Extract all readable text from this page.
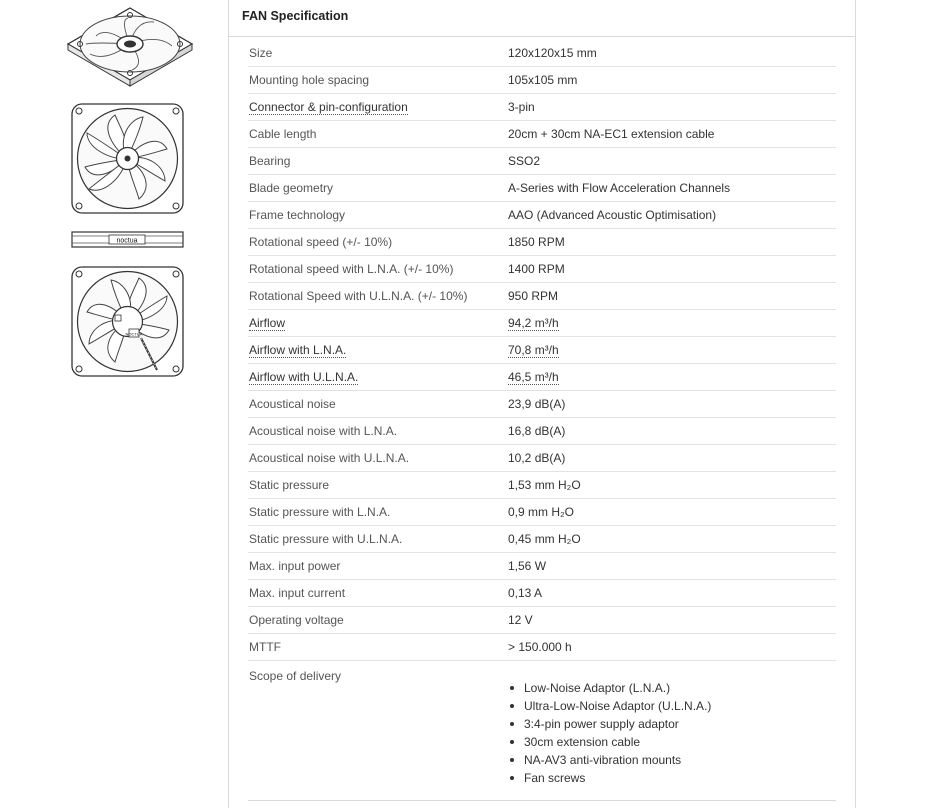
noctua
NOCTUA
FAN Specification
Size	120x120x15 mm
Mounting hole spacing	105x105 mm
Connector & pin-configuration	3-pin
Cable length	20cm + 30cm NA-EC1 extension cable
Bearing	SSO2
Blade geometry	A-Series with Flow Acceleration Channels
Frame technology	AAO (Advanced Acoustic Optimisation)
Rotational speed (+/- 10%)	1850 RPM
Rotational speed with L.N.A. (+/- 10%)	1400 RPM
Rotational Speed with U.L.N.A. (+/- 10%)	950 RPM
Airflow	94,2 m³/h
Airflow with L.N.A.	70,8 m³/h
Airflow with U.L.N.A.	46,5 m³/h
Acoustical noise	23,9 dB(A)
Acoustical noise with L.N.A.	16,8 dB(A)
Acoustical noise with U.L.N.A.	10,2 dB(A)
Static pressure	1,53 mm H₂O
Static pressure with L.N.A.	0,9 mm H₂O
Static pressure with U.L.N.A.	0,45 mm H₂O
Max. input power	1,56 W
Max. input current	0,13 A
Operating voltage	12 V
MTTF	> 150.000 h
Scope of delivery
Low-Noise Adaptor (L.N.A.)
Ultra-Low-Noise Adaptor (U.L.N.A.)
3:4-pin power supply adaptor
30cm extension cable
NA-AV3 anti-vibration mounts
Fan screws
